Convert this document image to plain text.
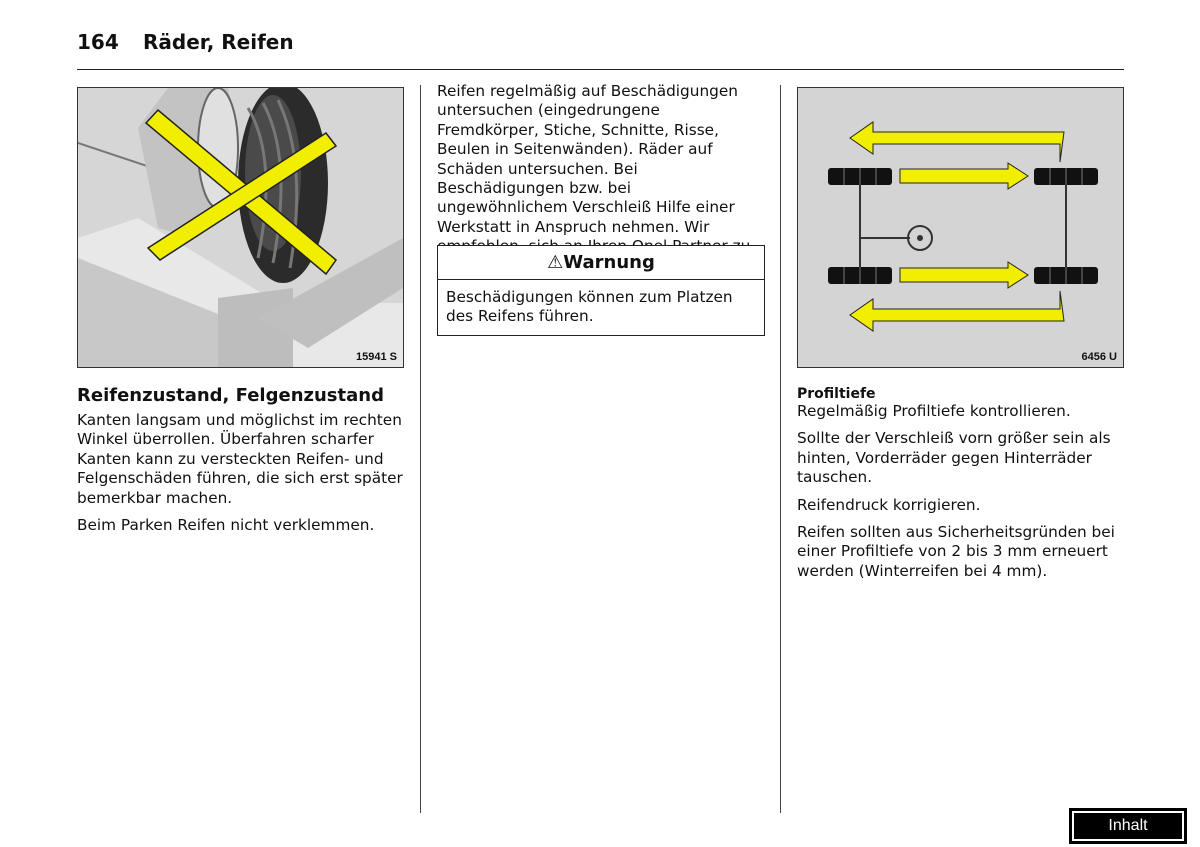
164 Räder, Reifen
15941 S
Reifenzustand, Felgenzustand

Kanten langsam und möglichst im rechten Winkel überrollen. Überfahren scharfer Kanten kann zu versteckten Reifen- und Felgenschäden führen, die sich erst später bemerkbar machen.

Beim Parken Reifen nicht verklemmen.

Reifen regelmäßig auf Beschädigungen untersuchen (eingedrungene Fremdkörper, Stiche, Schnitte, Risse, Beulen in Seitenwänden). Räder auf Schäden untersuchen. Bei Beschädigungen bzw. bei ungewöhnlichem Verschleiß Hilfe einer Werkstatt in Anspruch nehmen. Wir

⚠Warnung
Beschädigungen können zum Platzen des Reifens führen.
6456 U
Profiltiefe

Regelmäßig Profiltiefe kontrollieren.

Sollte der Verschleiß vorn größer sein als hinten, Vorderräder gegen Hinterräder tauschen.

Reifendruck korrigieren.

Reifen sollten aus Sicherheitsgründen bei einer Profiltiefe von 2 bis 3 mm erneuert werden (Winterreifen bei 4 mm).

Inhalt
